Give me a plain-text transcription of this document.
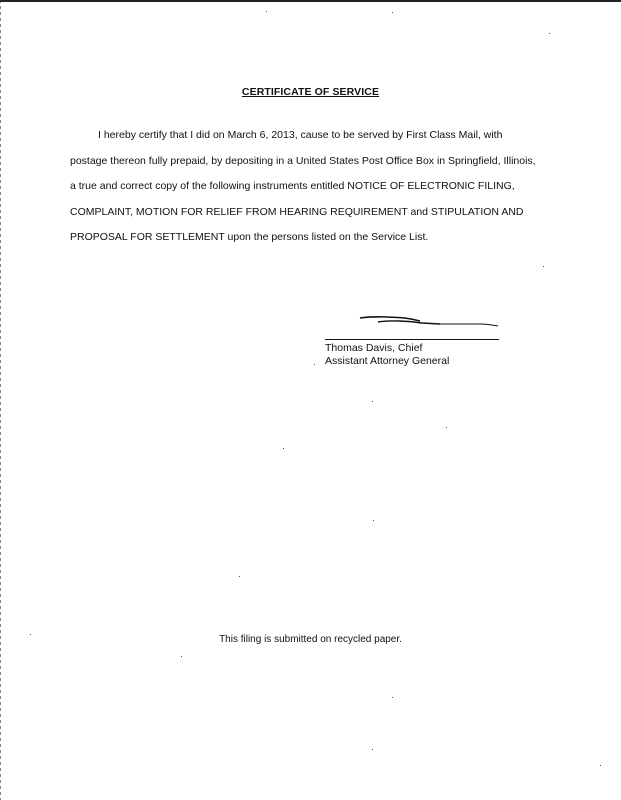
CERTIFICATE OF SERVICE
I hereby certify that I did on March 6, 2013, cause to be served by First Class Mail, with postage thereon fully prepaid, by depositing in a United States Post Office Box in Springfield, Illinois, a true and correct copy of the following instruments entitled NOTICE OF ELECTRONIC FILING, COMPLAINT, MOTION FOR RELIEF FROM HEARING REQUIREMENT and STIPULATION AND PROPOSAL FOR SETTLEMENT upon the persons listed on the Service List.
Thomas Davis, Chief
Assistant Attorney General
This filing is submitted on recycled paper.
